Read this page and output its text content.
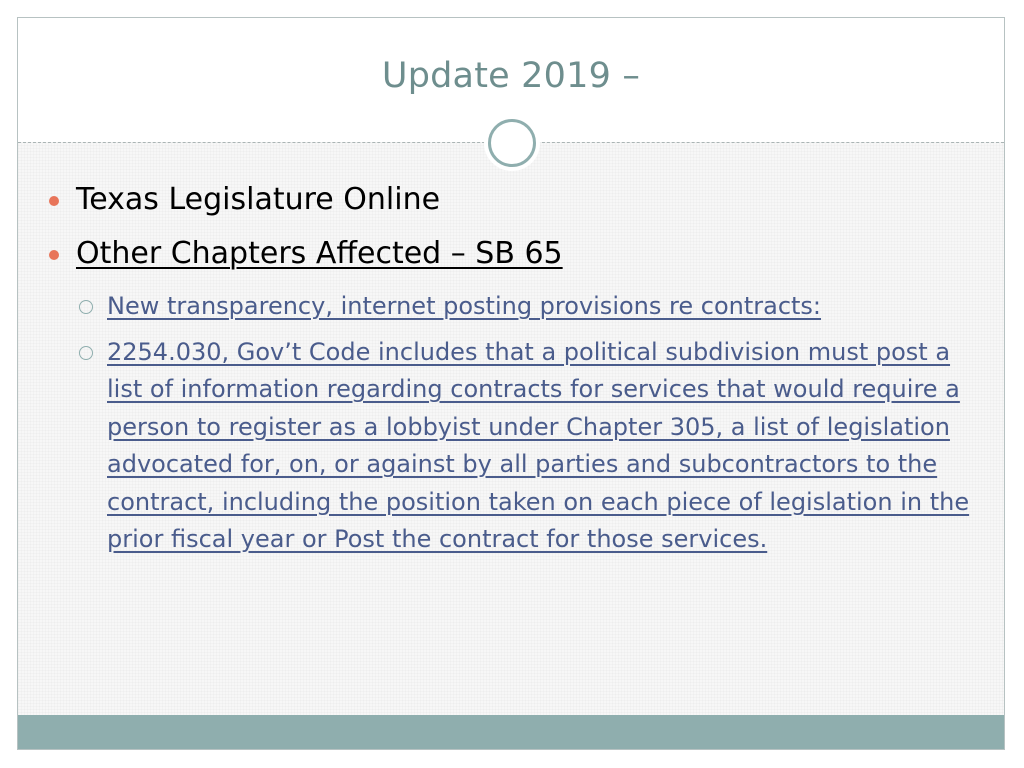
Update 2019 –
Texas Legislature Online
Other Chapters Affected – SB 65
New transparency, internet posting provisions re contracts:
2254.030, Gov’t Code includes that a political subdivision must post a list of information regarding contracts for services that would require a person to register as a lobbyist under Chapter 305, a list of legislation advocated for, on, or against by all parties and subcontractors to the contract, including the position taken on each piece of legislation in the prior fiscal year or Post the contract for those services.
